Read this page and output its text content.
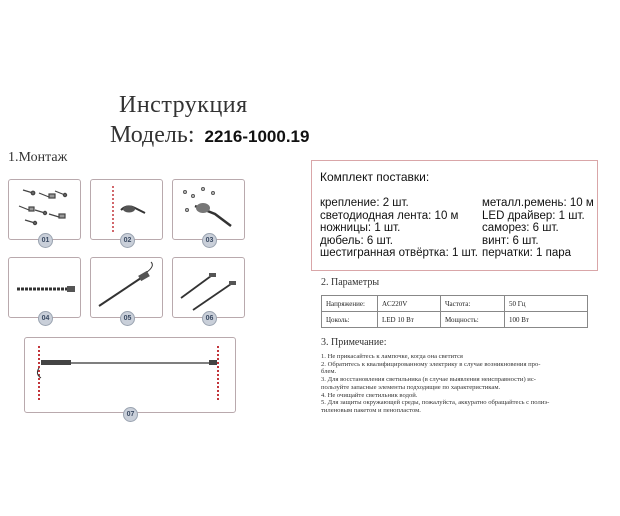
Инструкция
Модель: 2216-1000.19
1.Монтаж
01	02	03
04	05	06
07
Комплект поставки:
крепление: 2 шт.
светодиодная лента: 10 м
ножницы: 1 шт.
дюбель: 6 шт.
шестигранная отвёртка: 1 шт.
металл.ремень: 10 м
LED драйвер: 1 шт.
саморез: 6 шт.
винт: 6 шт.
перчатки: 1 пара
2. Параметры
Напряжение:	AC220V	Частота:	50 Гц
Цоколь:	LED 10 Вт	Мощность:	100 Вт
3. Примечание:
1. Не прикасайтесь к лампочке, когда она светится
2. Обратитесь к квалифицированному электрику в случае возникновения про-
блем.
3. Для восстановления светильника (в случае выявления неисправности) ис-
пользуйте запасные элементы подходящие по характеристикам.
4. Не очищайте светильник водой.
5. Для защиты окружающей среды, пожалуйста, аккуратно обращайтесь с полиэ-
тиленовым пакетом и пенопластом.
